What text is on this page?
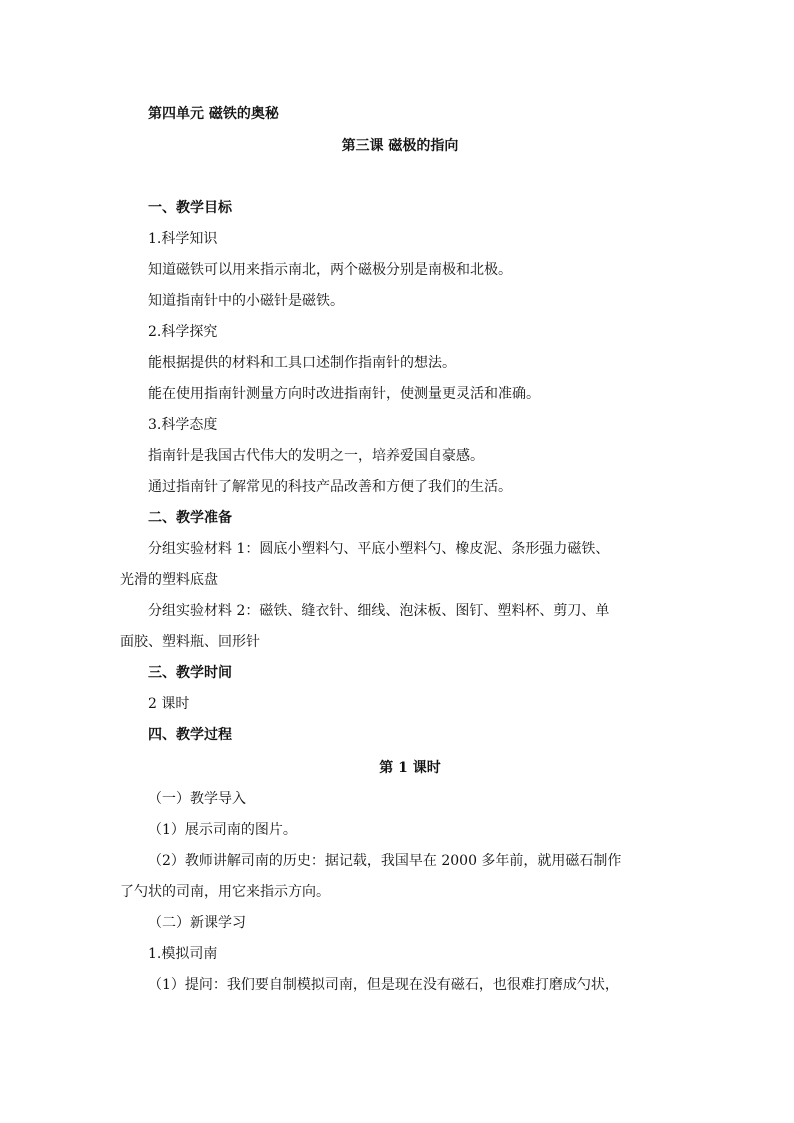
第四单元 磁铁的奥秘
第三课 磁极的指向
一、教学目标
1.科学知识
知道磁铁可以用来指示南北，两个磁极分别是南极和北极。
知道指南针中的小磁针是磁铁。
2.科学探究
能根据提供的材料和工具口述制作指南针的想法。
能在使用指南针测量方向时改进指南针，使测量更灵活和准确。
3.科学态度
指南针是我国古代伟大的发明之一，培养爱国自豪感。
通过指南针了解常见的科技产品改善和方便了我们的生活。
二、教学准备
分组实验材料 1：圆底小塑料勺、平底小塑料勺、橡皮泥、条形强力磁铁、
光滑的塑料底盘
分组实验材料 2：磁铁、缝衣针、细线、泡沫板、图钉、塑料杯、剪刀、单
面胶、塑料瓶、回形针
三、教学时间
2 课时
四、教学过程
第 1 课时
（一）教学导入
（1）展示司南的图片。
（2）教师讲解司南的历史：据记载，我国早在 2000 多年前，就用磁石制作
了勺状的司南，用它来指示方向。
（二）新课学习
1.模拟司南
（1）提问：我们要自制模拟司南，但是现在没有磁石，也很难打磨成勺状，
